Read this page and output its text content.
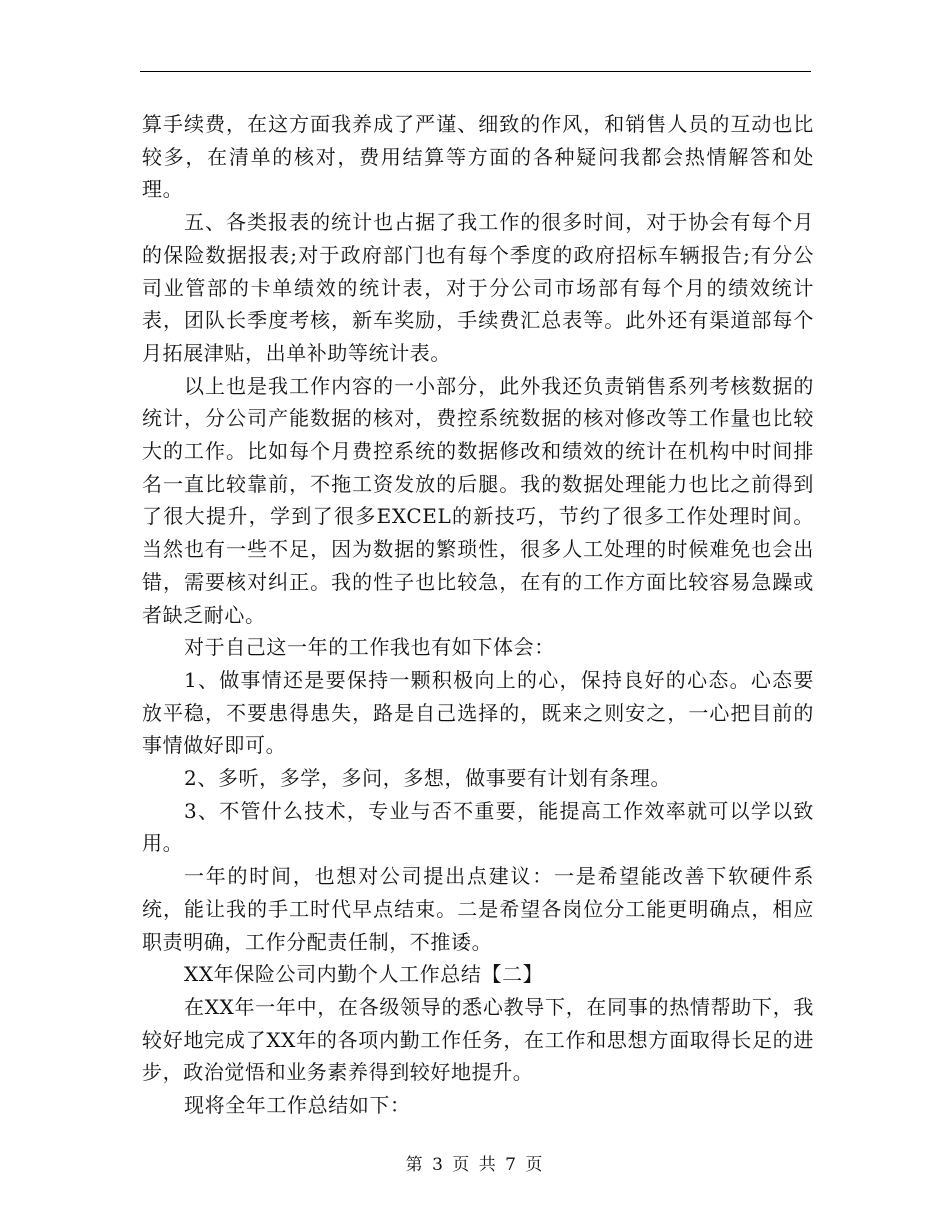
算手续费，在这方面我养成了严谨、细致的作风，和销售人员的互动也比较多，在清单的核对，费用结算等方面的各种疑问我都会热情解答和处理。

五、各类报表的统计也占据了我工作的很多时间，对于协会有每个月的保险数据报表;对于政府部门也有每个季度的政府招标车辆报告;有分公司业管部的卡单绩效的统计表，对于分公司市场部有每个月的绩效统计表，团队长季度考核，新车奖励，手续费汇总表等。此外还有渠道部每个月拓展津贴，出单补助等统计表。

以上也是我工作内容的一小部分，此外我还负责销售系列考核数据的统计，分公司产能数据的核对，费控系统数据的核对修改等工作量也比较大的工作。比如每个月费控系统的数据修改和绩效的统计在机构中时间排名一直比较靠前，不拖工资发放的后腿。我的数据处理能力也比之前得到了很大提升，学到了很多EXCEL的新技巧，节约了很多工作处理时间。当然也有一些不足，因为数据的繁琐性，很多人工处理的时候难免也会出错，需要核对纠正。我的性子也比较急，在有的工作方面比较容易急躁或者缺乏耐心。

对于自己这一年的工作我也有如下体会：

1、做事情还是要保持一颗积极向上的心，保持良好的心态。心态要放平稳，不要患得患失，路是自己选择的，既来之则安之，一心把目前的事情做好即可。

2、多听，多学，多问，多想，做事要有计划有条理。

3、不管什么技术，专业与否不重要，能提高工作效率就可以学以致用。

一年的时间，也想对公司提出点建议：一是希望能改善下软硬件系统，能让我的手工时代早点结束。二是希望各岗位分工能更明确点，相应职责明确，工作分配责任制，不推诿。

XX年保险公司内勤个人工作总结【二】

在XX年一年中，在各级领导的悉心教导下，在同事的热情帮助下，我较好地完成了XX年的各项内勤工作任务，在工作和思想方面取得长足的进步，政治觉悟和业务素养得到较好地提升。

现将全年工作总结如下：

第 3 页 共 7 页
